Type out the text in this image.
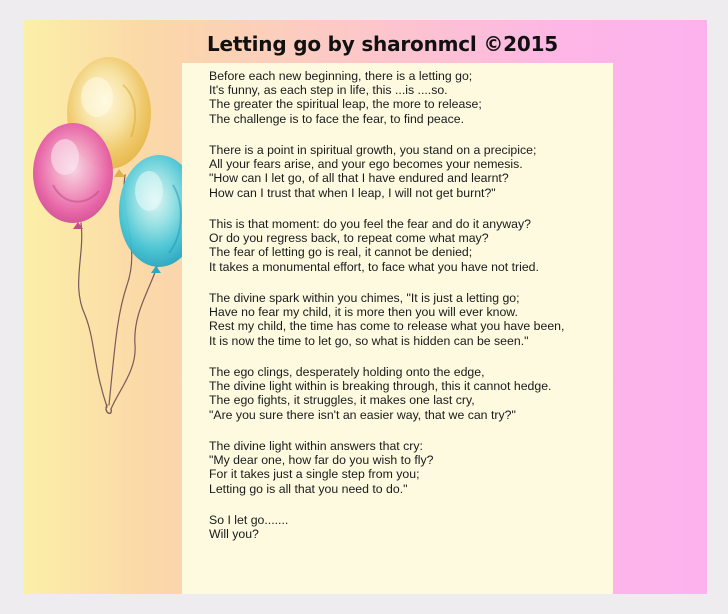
Letting go by sharonmcl ©2015
Before each new beginning, there is a letting go;
It's funny, as each step in life, this ...is ....so.
The greater the spiritual leap, the more to release;
The challenge is to face the fear, to find peace.
There is a point in spiritual growth, you stand on a precipice;
All your fears arise, and your ego becomes your nemesis.
"How can I let go, of all that I have endured and learnt?
How can I trust that when I leap, I will not get burnt?"
This is that moment: do you feel the fear and do it anyway?
Or do you regress back, to repeat come what may?
The fear of letting go is real, it cannot be denied;
It takes a monumental effort, to face what you have not tried.
The divine spark within you chimes, "It is just a letting go;
Have no fear my child, it is more then you will ever know.
Rest my child, the time has come to release what you have been,
It is now the time to let go, so what is hidden can be seen."
The ego clings, desperately holding onto the edge,
The divine light within is breaking through, this it cannot hedge.
The ego fights, it struggles, it makes one last cry,
"Are you sure there isn't an easier way, that we can try?"
The divine light within answers that cry:
"My dear one, how far do you wish to fly?
For it takes just a single step from you;
Letting go is all that you need to do."
So I let go.......
Will you?
